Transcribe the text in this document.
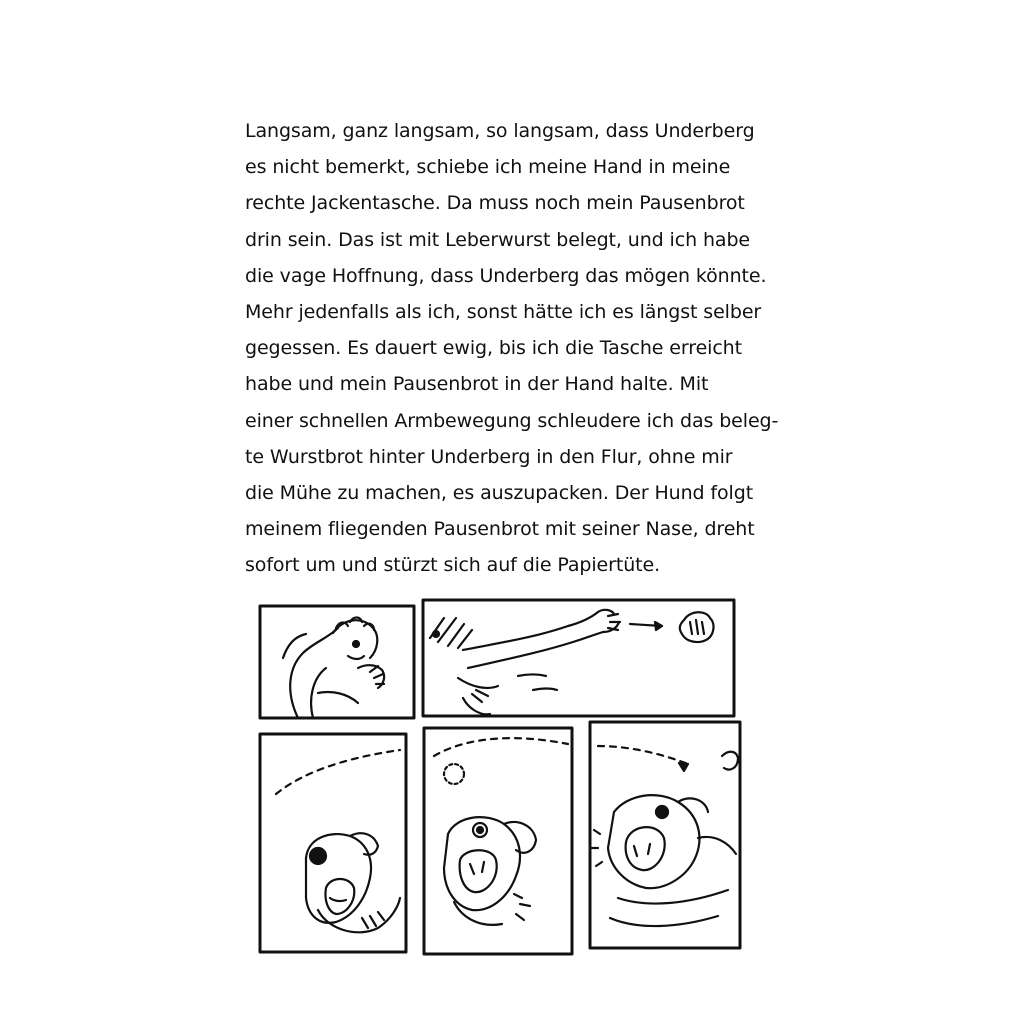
Langsam, ganz langsam, so langsam, dass Underberg
es nicht bemerkt, schiebe ich meine Hand in meine
rechte Jackentasche. Da muss noch mein Pausenbrot
drin sein. Das ist mit Leberwurst belegt, und ich habe
die vage Hoffnung, dass Underberg das mögen könnte.
Mehr jedenfalls als ich, sonst hätte ich es längst selber
gegessen. Es dauert ewig, bis ich die Tasche erreicht
habe und mein Pausenbrot in der Hand halte. Mit
einer schnellen Armbewegung schleudere ich das beleg-
te Wurstbrot hinter Underberg in den Flur, ohne mir
die Mühe zu machen, es auszupacken. Der Hund folgt
meinem fliegenden Pausenbrot mit seiner Nase, dreht
sofort um und stürzt sich auf die Papiertüte.
